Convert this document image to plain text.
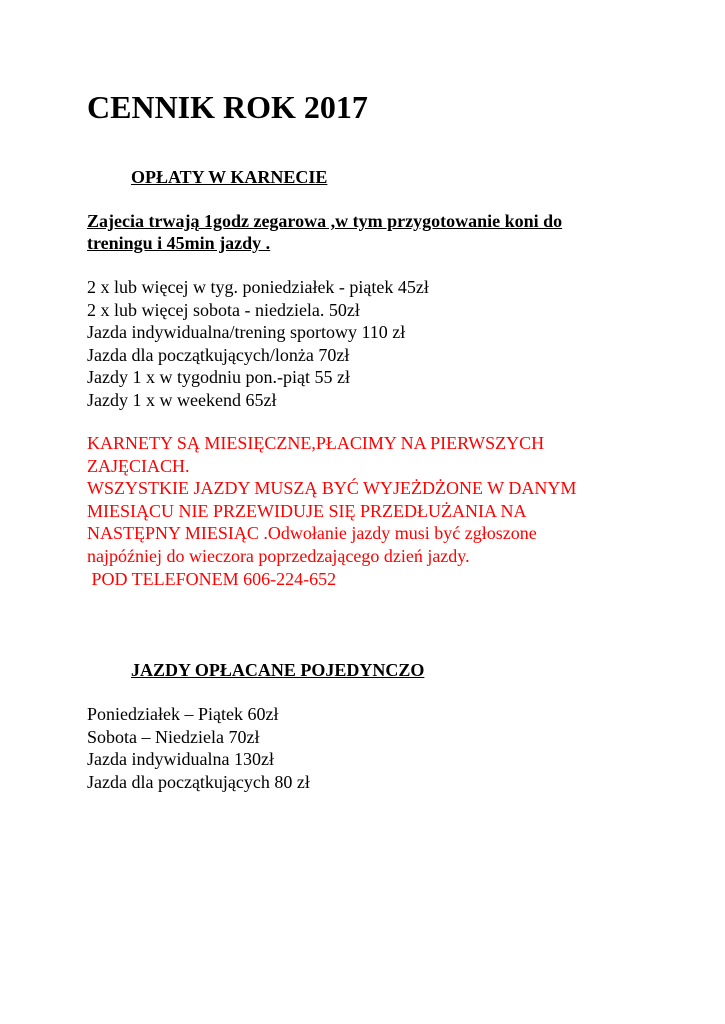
CENNIK ROK 2017
OPŁATY W KARNECIE

Zajecia trwają 1godz zegarowa ,w tym przygotowanie koni do
treningu i 45min jazdy .

2 x lub więcej w tyg. poniedziałek - piątek 45zł
2 x lub więcej sobota - niedziela. 50zł
Jazda indywidualna/trening sportowy 110 zł
Jazda dla początkujących/lonża 70zł
Jazdy 1 x w tygodniu pon.-piąt 55 zł
Jazdy 1 x w weekend 65zł

KARNETY SĄ MIESIĘCZNE,PŁACIMY NA PIERWSZYCH
ZAJĘCIACH.
WSZYSTKIE JAZDY MUSZĄ BYĆ WYJEŻDŻONE W DANYM
MIESIĄCU NIE PRZEWIDUJE SIĘ PRZEDŁUŻANIA NA
NASTĘPNY MIESIĄC .Odwołanie jazdy musi być zgłoszone
najpóźniej do wieczora poprzedzającego dzień jazdy.
POD TELEFONEM 606-224-652

JAZDY OPŁACANE POJEDYNCZO
Poniedziałek – Piątek 60zł
Sobota – Niedziela 70zł
Jazda indywidualna 130zł
Jazda dla początkujących 80 zł
